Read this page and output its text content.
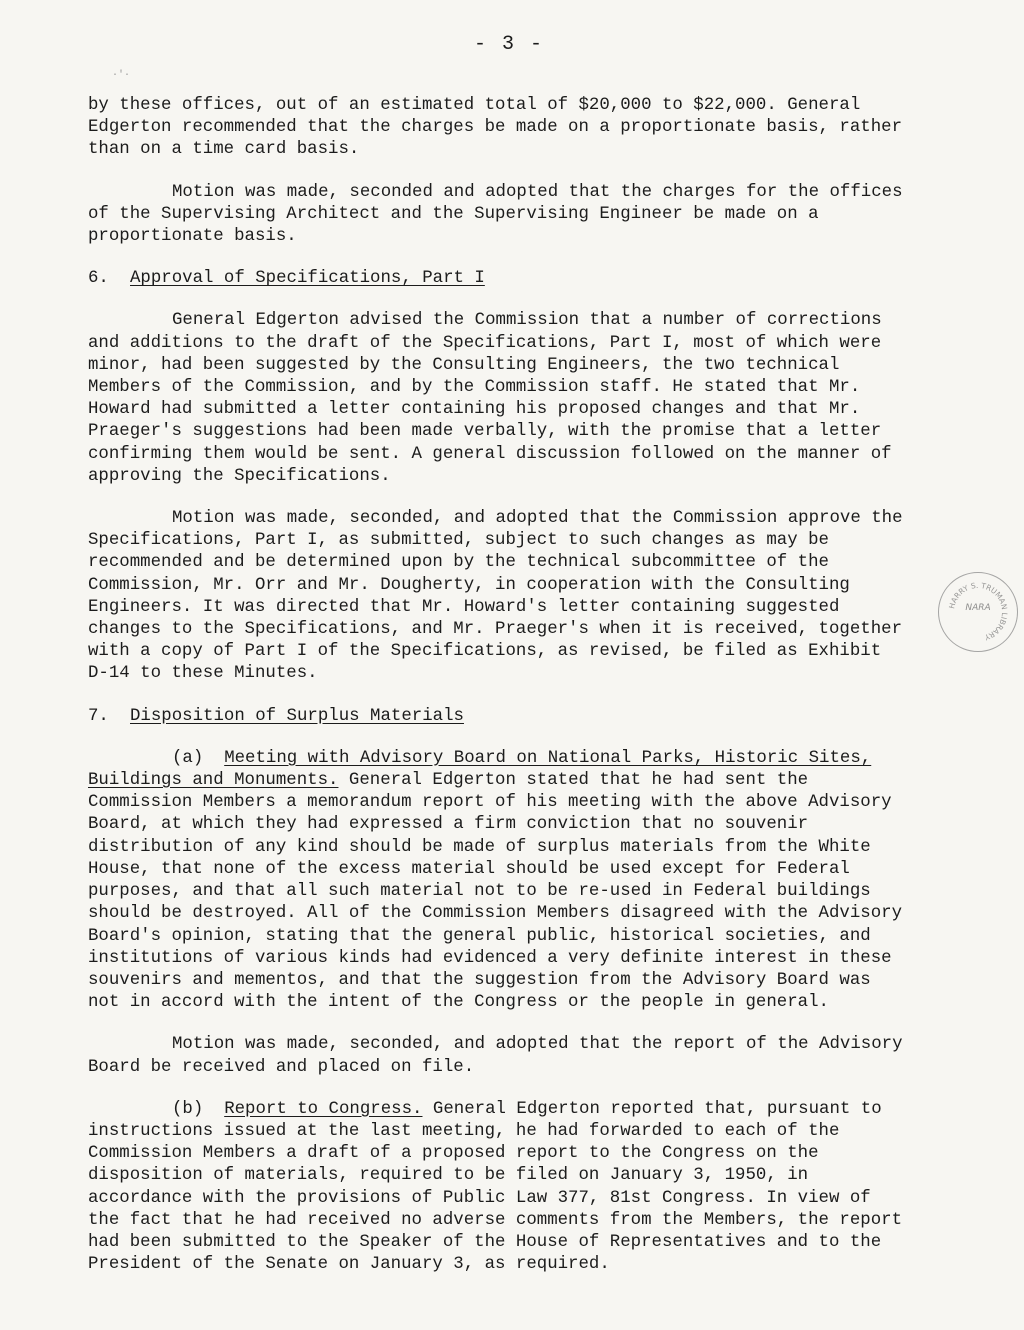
- 3 -
·'·

by these offices, out of an estimated total of $20,000 to $22,000. General Edgerton recommended that the charges be made on a proportionate basis, rather than on a time card basis.

Motion was made, seconded and adopted that the charges for the offices of the Supervising Architect and the Supervising Engineer be made on a proportionate basis.

6. Approval of Specifications, Part I

General Edgerton advised the Commission that a number of corrections and additions to the draft of the Specifications, Part I, most of which were minor, had been suggested by the Consulting Engineers, the two technical Members of the Commission, and by the Commission staff. He stated that Mr. Howard had submitted a letter containing his proposed changes and that Mr. Praeger's suggestions had been made verbally, with the promise that a letter confirming them would be sent. A general discussion followed on the manner of approving the Specifications.

Motion was made, seconded, and adopted that the Commission approve the Specifications, Part I, as submitted, subject to such changes as may be recommended and be determined upon by the technical subcommittee of the Commission, Mr. Orr and Mr. Dougherty, in cooperation with the Consulting Engineers. It was directed that Mr. Howard's letter containing suggested changes to the Specifications, and Mr. Praeger's when it is received, together with a copy of Part I of the Specifications, as revised, be filed as Exhibit D-14 to these Minutes.

7. Disposition of Surplus Materials

(a) Meeting with Advisory Board on National Parks, Historic Sites, Buildings and Monuments. General Edgerton stated that he had sent the Commission Members a memorandum report of his meeting with the above Advisory Board, at which they had expressed a firm conviction that no souvenir distribution of any kind should be made of surplus materials from the White House, that none of the excess material should be used except for Federal purposes, and that all such material not to be re-used in Federal buildings should be destroyed. All of the Commission Members disagreed with the Advisory Board's opinion, stating that the general public, historical societies, and institutions of various kinds had evidenced a very definite interest in these souvenirs and mementos, and that the suggestion from the Advisory Board was not in accord with the intent of the Congress or the people in general.

Motion was made, seconded, and adopted that the report of the Advisory Board be received and placed on file.

(b) Report to Congress. General Edgerton reported that, pursuant to instructions issued at the last meeting, he had forwarded to each of the Commission Members a draft of a proposed report to the Congress on the disposition of materials, required to be filed on January 3, 1950, in accordance with the provisions of Public Law 377, 81st Congress. In view of the fact that he had received no adverse comments from the Members, the report had been submitted to the Speaker of the House of Representatives and to the President of the Senate on January 3, as required.

HARRY S. TRUMAN LIBRARY
NARA
